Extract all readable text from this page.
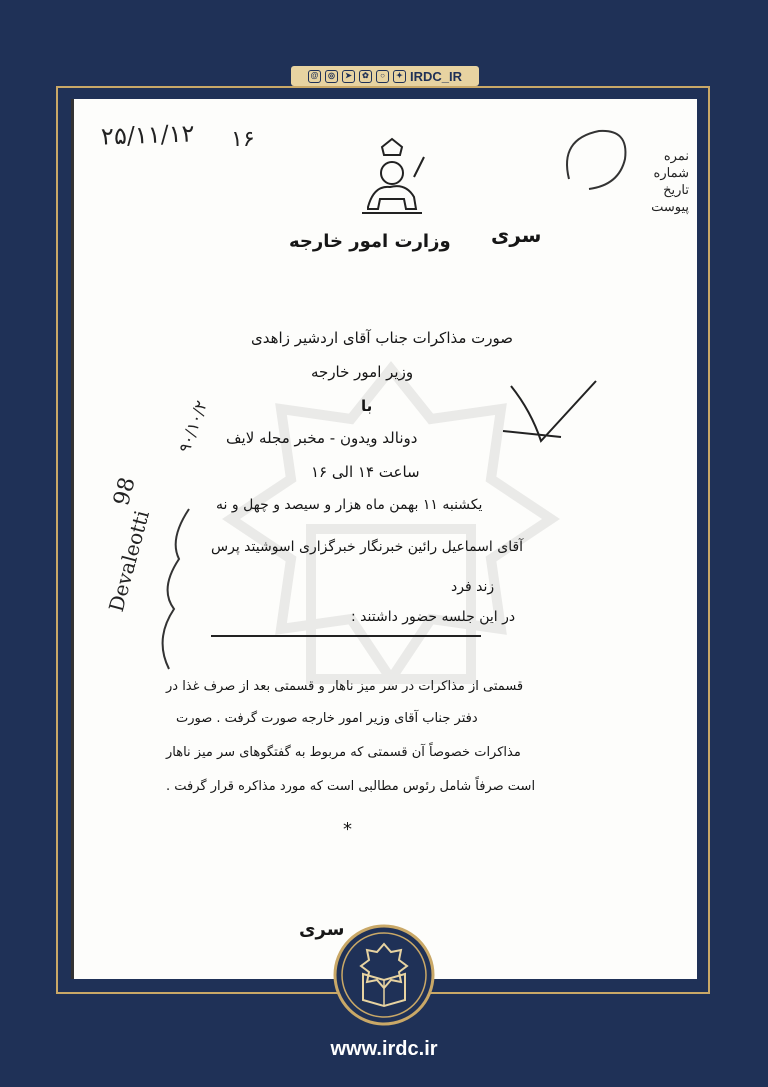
@	◎	➤	✿	○	✦ IRDC_IR
۲۵/۱۱/۱۲ ۱۶
نمره
شماره
تاریخ
پیوست
سری
وزارت امور خارجه
صورت مذاکرات جناب آقای اردشیر زاهدی
وزیر امور خارجه
با
دونالد ویدون - مخبر مجله لایف
ساعت ۱۴ الی ۱۶
یکشنبه ۱۱ بهمن ماه هزار و سیصد و چهل و نه
آقای اسماعیل رائین خبرنگار خبرگزاری اسوشیتد پرس
زند فرد
در این جلسه حضور داشتند :
۹۰/۱۰/۲
98
Devaleotti
قسمتی از مذاکرات در سر میز ناهار و قسمتی بعد از صرف غذا در
دفتر جناب آقای وزیر امور خارجه صورت گرفت . صورت
مذاکرات خصوصاً آن قسمتی که مربوط به گفتگوهای سر میز ناهار
است صرفاً شامل رئوس مطالبی است که مورد مذاکره قرار گرفت .
*
سری
www.irdc.ir
